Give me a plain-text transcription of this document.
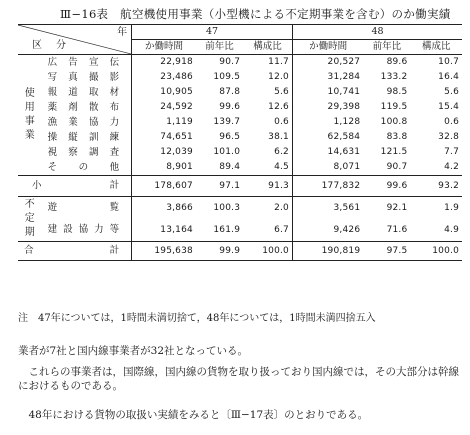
Ⅲ−16表　航空機使用事業（小型機による不定期事業を含む）のか働実績
年
区分		47			48		
		か働時間	前年比	構成比	か働時間	前年比	構成比
使用事業	広告宣伝	22,918	90.7	11.7	20,527	89.6	10.7
	写真撮影	23,486	109.5	12.0	31,284	133.2	16.4
	報道取材	10,905	87.8	5.6	10,741	98.5	5.6
	薬剤散布	24,592	99.6	12.6	29,398	119.5	15.4
	漁業協力	1,119	139.7	0.6	1,128	100.8	0.6
	操縦訓練	74,651	96.5	38.1	62,584	83.8	32.8
	視察調査	12,039	101.0	6.2	14,631	121.5	7.7
	その他	8,901	89.4	4.5	8,071	90.7	4.2
小計		178,607	97.1	91.3	177,832	99.6	93.2
不定期	遊覧	3,866	100.3	2.0	3,561	92.1	1.9
	建設協力等	13,164	161.9	6.7	9,426	71.6	4.9
合計		195,638	99.9	100.0	190,819	97.5	100.0
注　47年については，1時間未満切捨て，48年については，1時間未満四捨五入
業者が7社と国内線事業者が32社となっている。
　これらの事業者は，国際線，国内線の貨物を取り扱っており国内線では，その大部分は幹線におけるものである。
　48年における貨物の取扱い実績をみると〔Ⅲ−17表〕のとおりである。
